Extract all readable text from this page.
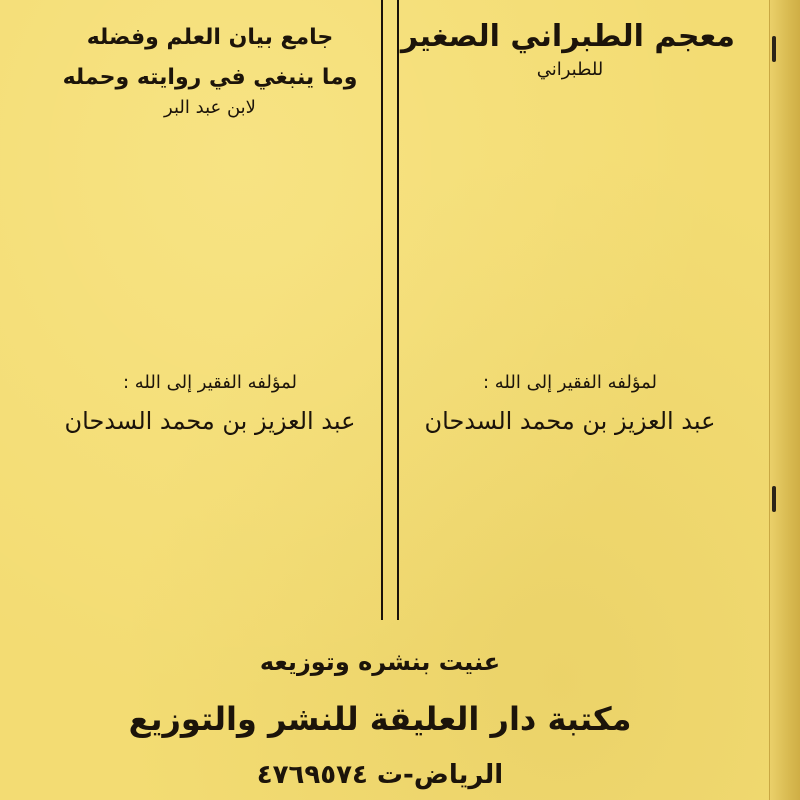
معجم الطبراني الصغير
للطبراني
لمؤلفه الفقير إلى الله :
عبد العزيز بن محمد السدحان
جامع بيان العلم وفضله
وما ينبغي في روايته وحمله
لابن عبد البر
لمؤلفه الفقير إلى الله :
عبد العزيز بن محمد السدحان
عنيت بنشره وتوزيعه
مكتبة دار العليقة للنشر والتوزيع
الرياض-ت ٤٧٦٩٥٧٤
